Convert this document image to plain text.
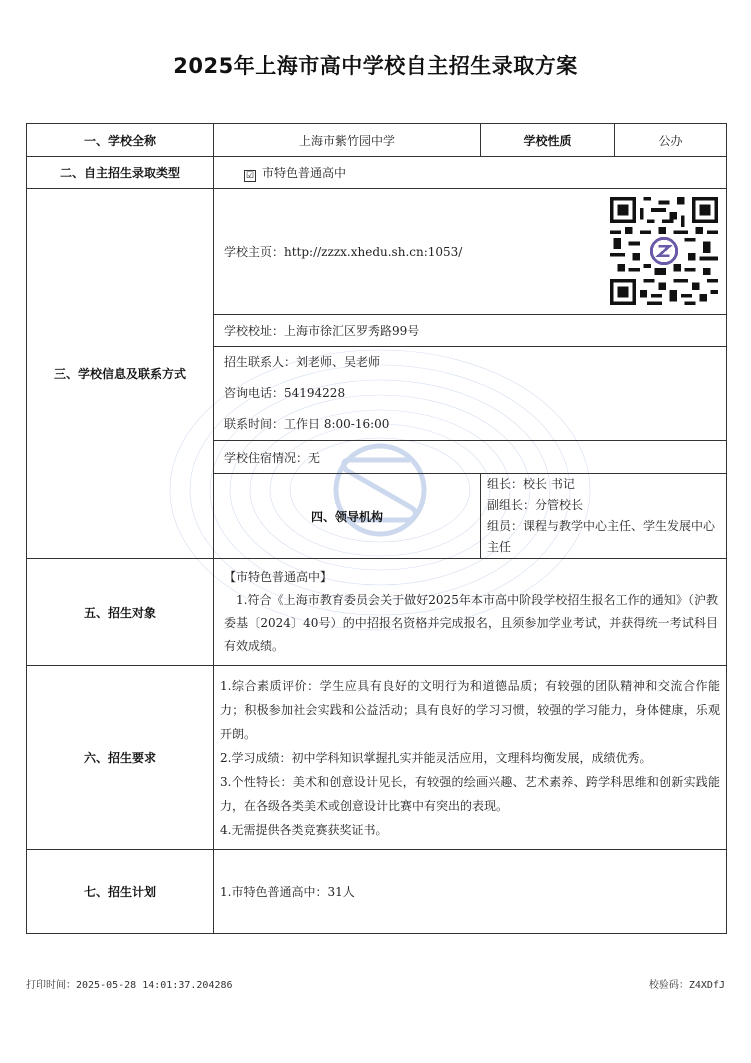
2025年上海市高中学校自主招生录取方案
一、学校全称	上海市紫竹园中学	学校性质	公办
二、自主招生录取类型	☑ 市特色普通高中		
三、学校信息及联系方式	学校主页：http://zzzx.xhedu.sh.cn:1053/		

	学校校址：上海市徐汇区罗秀路99号		

	招生联系人：刘老师、吴老师
咨询电话：54194228
联系时间：工作日 8:00-16:00		

	学校住宿情况：无		
	四、领导机构	组长：校长 书记
副组长：分管校长
组员：课程与教学中心主任、学生发展中心主任	

五、招生对象	【市特色普通高中】
1.符合《上海市教育委员会关于做好2025年本市高中阶段学校招生报名工作的通知》（沪教委基〔2024〕40号）的中招报名资格并完成报名，且须参加学业考试，并获得统一考试科目有效成绩。		

六、招生要求	1.综合素质评价：学生应具有良好的文明行为和道德品质；有较强的团队精神和交流合作能力；积极参加社会实践和公益活动；具有良好的学习习惯，较强的学习能力，身体健康，乐观开朗。
2.学习成绩：初中学科知识掌握扎实并能灵活应用，文理科均衡发展，成绩优秀。
3.个性特长：美术和创意设计见长，有较强的绘画兴趣、艺术素养、跨学科思维和创新实践能力，在各级各类美术或创意设计比赛中有突出的表现。
4.无需提供各类竞赛获奖证书。		

七、招生计划	1.市特色普通高中：31人		
打印时间：2025-05-28 14:01:37.204286	校验码：Z4XDfJ
